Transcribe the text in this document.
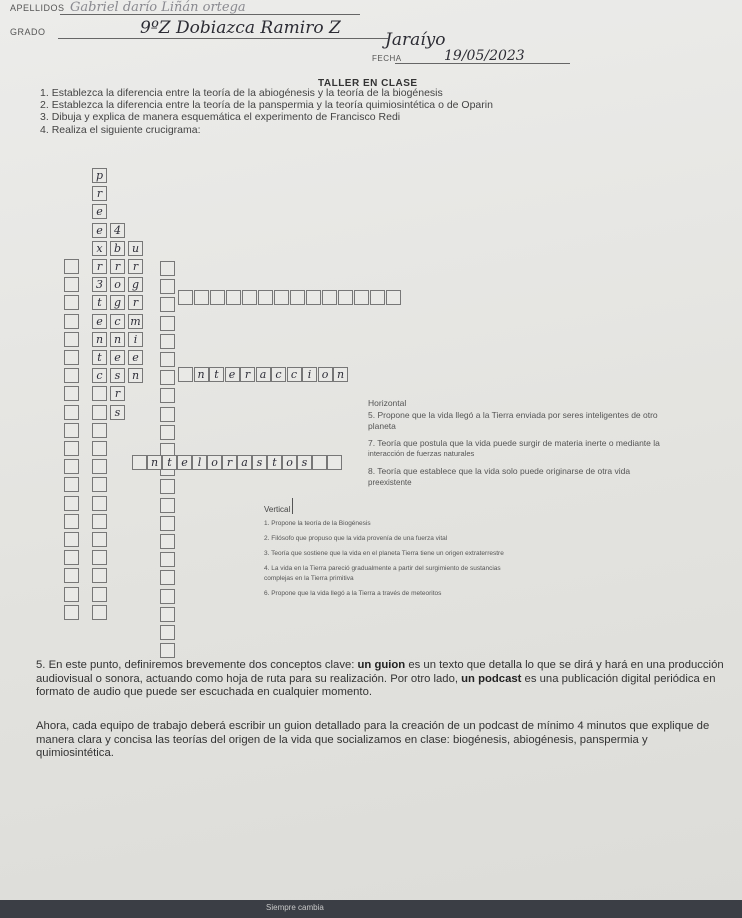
APELLIDOS Gabriel darío Liñán ortega
GRADO	9ºZ Dobiazca Ramiro Z
Jaraíyo
FECHA	19/05/2023
TALLER EN CLASE
1. Establezca la diferencia entre la teoría de la abiogénesis y la teoría de la biogénesis
2. Establezca la diferencia entre la teoría de la panspermia y la teoría quimiosintética o de Oparin
3. Dibuja y explica de manera esquemática el experimento de Francisco Redi
4. Realiza el siguiente crucigrama:
p
r
e
e
x
r
3
t
e
n
t
c
4
b
r
o
g
c
n
e
s
r
s
u
r
g
r
m
i
e
n	n t e r a c c i o n
n t e l o r a s t o s
Horizontal
5. Propone que la vida llegó a la Tierra enviada por seres inteligentes de otro
planeta
7. Teoría que postula que la vida puede surgir de materia inerte o mediante la
interacción de fuerzas naturales
8. Teoría que establece que la vida solo puede originarse de otra vida
preexistente
Vertical
1. Propone la teoría de la Biogénesis
2. Filósofo que propuso que la vida provenía de una fuerza vital
3. Teoría que sostiene que la vida en el planeta Tierra tiene un origen extraterrestre
4. La vida en la Tierra pareció gradualmente a partir del surgimiento de sustancias
complejas en la Tierra primitiva
6. Propone que la vida llegó a la Tierra a través de meteoritos
5. En este punto, definiremos brevemente dos conceptos clave: un guion es un texto que detalla lo que se dirá y hará en una producción audiovisual o sonora, actuando como hoja de ruta para su realización. Por otro lado, un podcast es una publicación digital periódica en formato de audio que puede ser escuchada en cualquier momento.
Ahora, cada equipo de trabajo deberá escribir un guion detallado para la creación de un podcast de mínimo 4 minutos que explique de manera clara y concisa las teorías del origen de la vida que socializamos en clase: biogénesis, abiogénesis, panspermia y quimiosintética.
Siempre cambia
